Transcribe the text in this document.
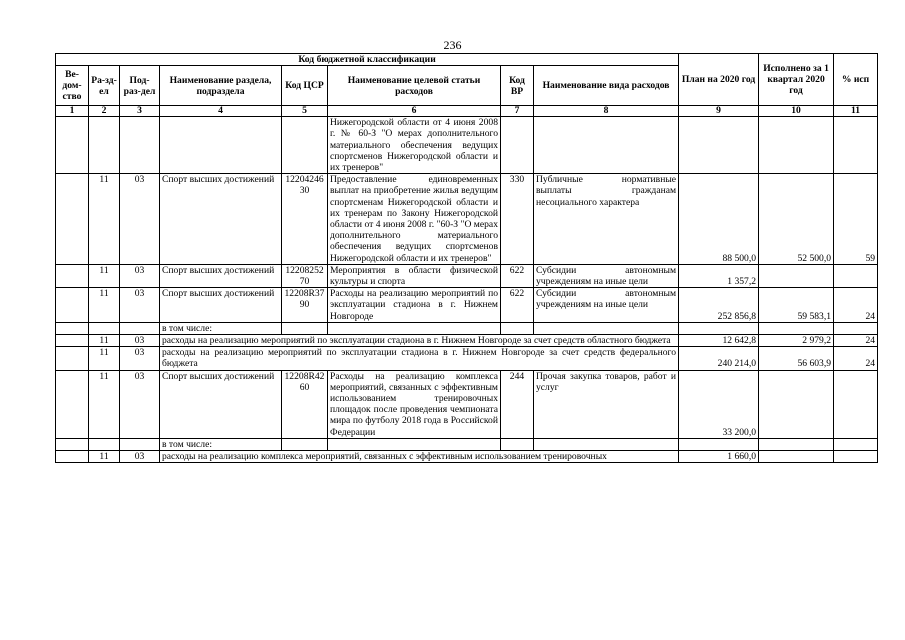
236
Код бюджетной классификации								План на 2020 год	Исполнено за 1 квартал 2020 год	% исп
Ве-дом-ство	Ра-зд-ел	Под-раз-дел	Наименование раздела, подраздела	Код ЦСР	Наименование целевой статьи расходов	Код ВР	Наименование вида расходов			
1	2	3	4	5	6	7	8	9	10	11
					Нижегородской области от 4 июня 2008 г. № 60-З "О мерах дополнительного материального обеспечения ведущих спортсменов Нижегородской области и их тренеров"					
	11	03	Спорт высших достижений	1220424630	Предоставление единовременных выплат на приобретение жилья ведущим спортсменам Нижегородской области и их тренерам по Закону Нижегородской области от 4 июня 2008 г. "60-З "О мерах дополнительного материального обеспечения ведущих спортсменов Нижегородской области и их тренеров"	330	Публичные нормативные выплаты гражданам несоциального характера	88 500,0	52 500,0	59
	11	03	Спорт высших достижений	1220825270	Мероприятия в области физической культуры и спорта	622	Субсидии автономным учреждениям на иные цели	1 357,2		
	11	03	Спорт высших достижений	12208R3790	Расходы на реализацию мероприятий по эксплуатации стадиона в г. Нижнем Новгороде	622	Субсидии автономным учреждениям на иные цели	252 856,8	59 583,1	24
			в том числе:							
	11	03	расходы на реализацию мероприятий по эксплуатации стадиона в г. Нижнем Новгороде за счет средств областного бюджета					12 642,8	2 979,2	24
	11	03	расходы на реализацию мероприятий по эксплуатации стадиона в г. Нижнем Новгороде за счет средств федерального бюджета					240 214,0	56 603,9	24
	11	03	Спорт высших достижений	12208R4260	Расходы на реализацию комплекса мероприятий, связанных с эффективным использованием тренировочных площадок после проведения чемпионата мира по футболу 2018 года в Российской Федерации	244	Прочая закупка товаров, работ и услуг	33 200,0		
			в том числе:							
	11	03	расходы на реализацию комплекса мероприятий, связанных с эффективным использованием тренировочных					1 660,0		
